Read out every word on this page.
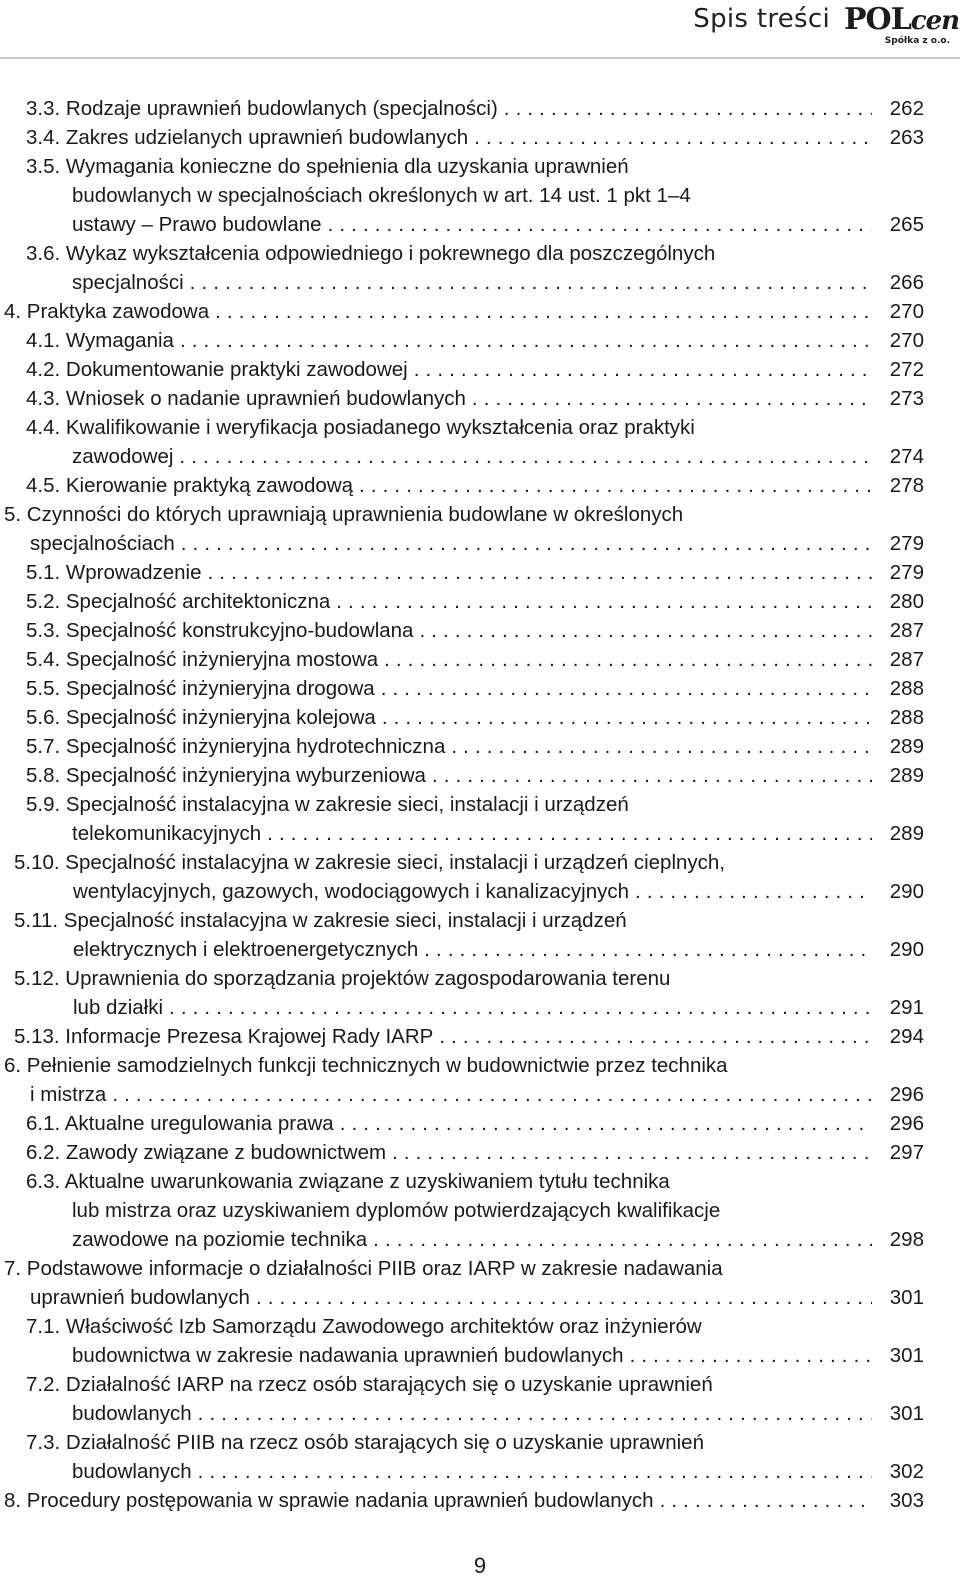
Spis treści POLcen
Spółka z o.o.
3.3. Rodzaje uprawnień budowlanych (specjalności) . . .	262
3.4. Zakres udzielanych uprawnień budowlanych . . .	263
3.5. Wymagania konieczne do spełnienia dla uzyskania uprawnień
budowlanych w specjalnościach określonych w art. 14 ust. 1 pkt 1–4
ustawy – Prawo budowlane . . .	265
3.6. Wykaz wykształcenia odpowiedniego i pokrewnego dla poszczególnych
specjalności . . .	266
4. Praktyka zawodowa . . .	270
4.1. Wymagania . . .	270
4.2. Dokumentowanie praktyki zawodowej . . .	272
4.3. Wniosek o nadanie uprawnień budowlanych . . .	273
4.4. Kwalifikowanie i weryfikacja posiadanego wykształcenia oraz praktyki
zawodowej . . .	274
4.5. Kierowanie praktyką zawodową . . .	278
5. Czynności do których uprawniają uprawnienia budowlane w określonych
specjalnościach . . .	279
5.1. Wprowadzenie . . .	279
5.2. Specjalność architektoniczna . . .	280
5.3. Specjalność konstrukcyjno-budowlana . . .	287
5.4. Specjalność inżynieryjna mostowa . . .	287
5.5. Specjalność inżynieryjna drogowa . . .	288
5.6. Specjalność inżynieryjna kolejowa . . .	288
5.7. Specjalność inżynieryjna hydrotechniczna . . .	289
5.8. Specjalność inżynieryjna wyburzeniowa . . .	289
5.9. Specjalność instalacyjna w zakresie sieci, instalacji i urządzeń
telekomunikacyjnych . . .	289
5.10. Specjalność instalacyjna w zakresie sieci, instalacji i urządzeń cieplnych,
wentylacyjnych, gazowych, wodociągowych i kanalizacyjnych . . .	290
5.11. Specjalność instalacyjna w zakresie sieci, instalacji i urządzeń
elektrycznych i elektroenergetycznych . . .	290
5.12. Uprawnienia do sporządzania projektów zagospodarowania terenu
lub działki . . .	291
5.13. Informacje Prezesa Krajowej Rady IARP . . .	294
6. Pełnienie samodzielnych funkcji technicznych w budownictwie przez technika
i mistrza . . .	296
6.1. Aktualne uregulowania prawa . . .	296
6.2. Zawody związane z budownictwem . . .	297
6.3. Aktualne uwarunkowania związane z uzyskiwaniem tytułu technika
lub mistrza oraz uzyskiwaniem dyplomów potwierdzających kwalifikacje
zawodowe na poziomie technika . . .	298
7. Podstawowe informacje o działalności PIIB oraz IARP w zakresie nadawania
uprawnień budowlanych . . .	301
7.1. Właściwość Izb Samorządu Zawodowego architektów oraz inżynierów
budownictwa w zakresie nadawania uprawnień budowlanych . . .	301
7.2. Działalność IARP na rzecz osób starających się o uzyskanie uprawnień
budowlanych . . .	301
7.3. Działalność PIIB na rzecz osób starających się o uzyskanie uprawnień
budowlanych . . .	302
8. Procedury postępowania w sprawie nadania uprawnień budowlanych . . .	303
9
